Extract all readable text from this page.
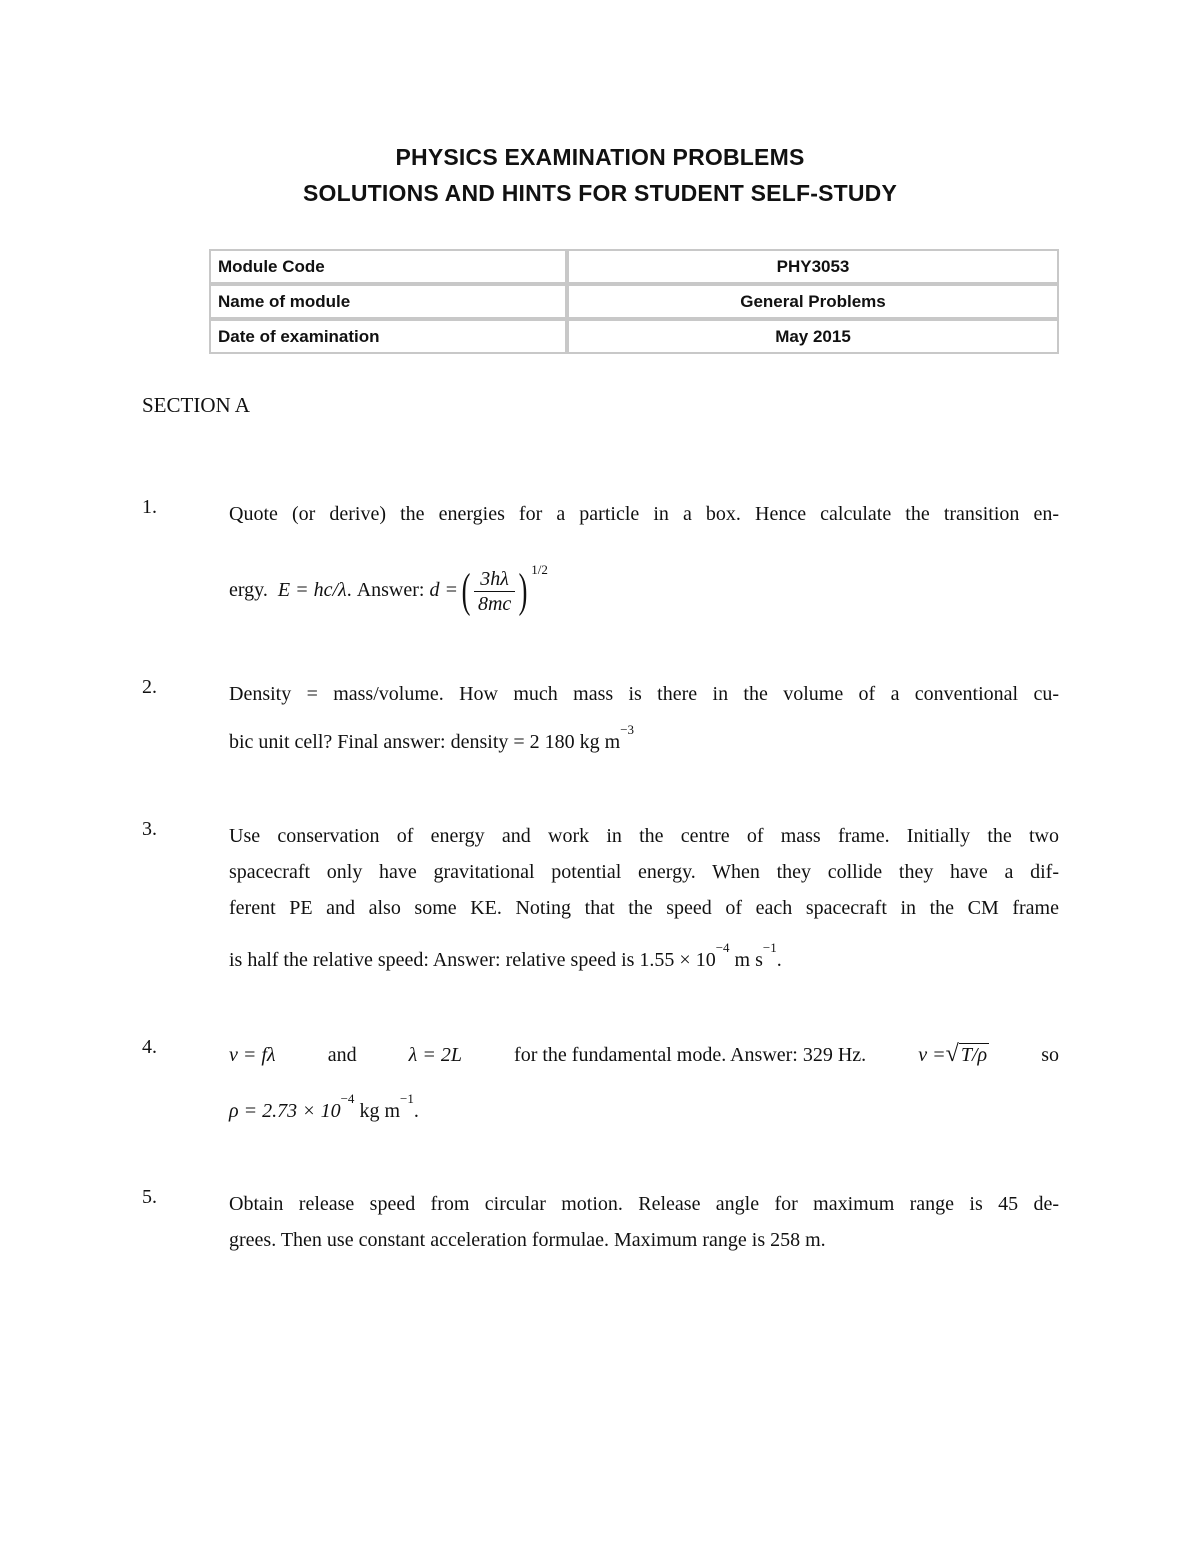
PHYSICS EXAMINATION PROBLEMS
SOLUTIONS AND HINTS FOR STUDENT SELF-STUDY
Module Code	PHY3053
Name of module	General Problems
Date of examination	May 2015
SECTION A
1.	Quote (or derive) the energies for a particle in a box. Hence calculate the transition en-
ergy. E = hc/λ. Answer: d =( $\frac{3h\lambda}{8mc}$ ) $^{1/2}$
2.	Density = mass/volume. How much mass is there in the volume of a conventional cu-
bic unit cell? Final answer: density = 2 180 kg $m^{-3}$
3.	Use conservation of energy and work in the centre of mass frame. Initially the two
spacecraft only have gravitational potential energy. When they collide they have a dif-
ferent PE and also some KE. Noting that the speed of each spacecraft in the CM frame
is half the relative speed: Answer: relative speed is $1.55 \times 10^{-4}$ m $s^{-1}$.
4.	v = fλ	and	λ = 2L	for the fundamental mode. Answer: 329 Hz.	v =√ T/ρ	so
$\rho = 2.73 \times 10^{-4}$ kg $m^{-1}$.
5.	Obtain release speed from circular motion. Release angle for maximum range is 45 de-
grees. Then use constant acceleration formulae. Maximum range is 258 m.
